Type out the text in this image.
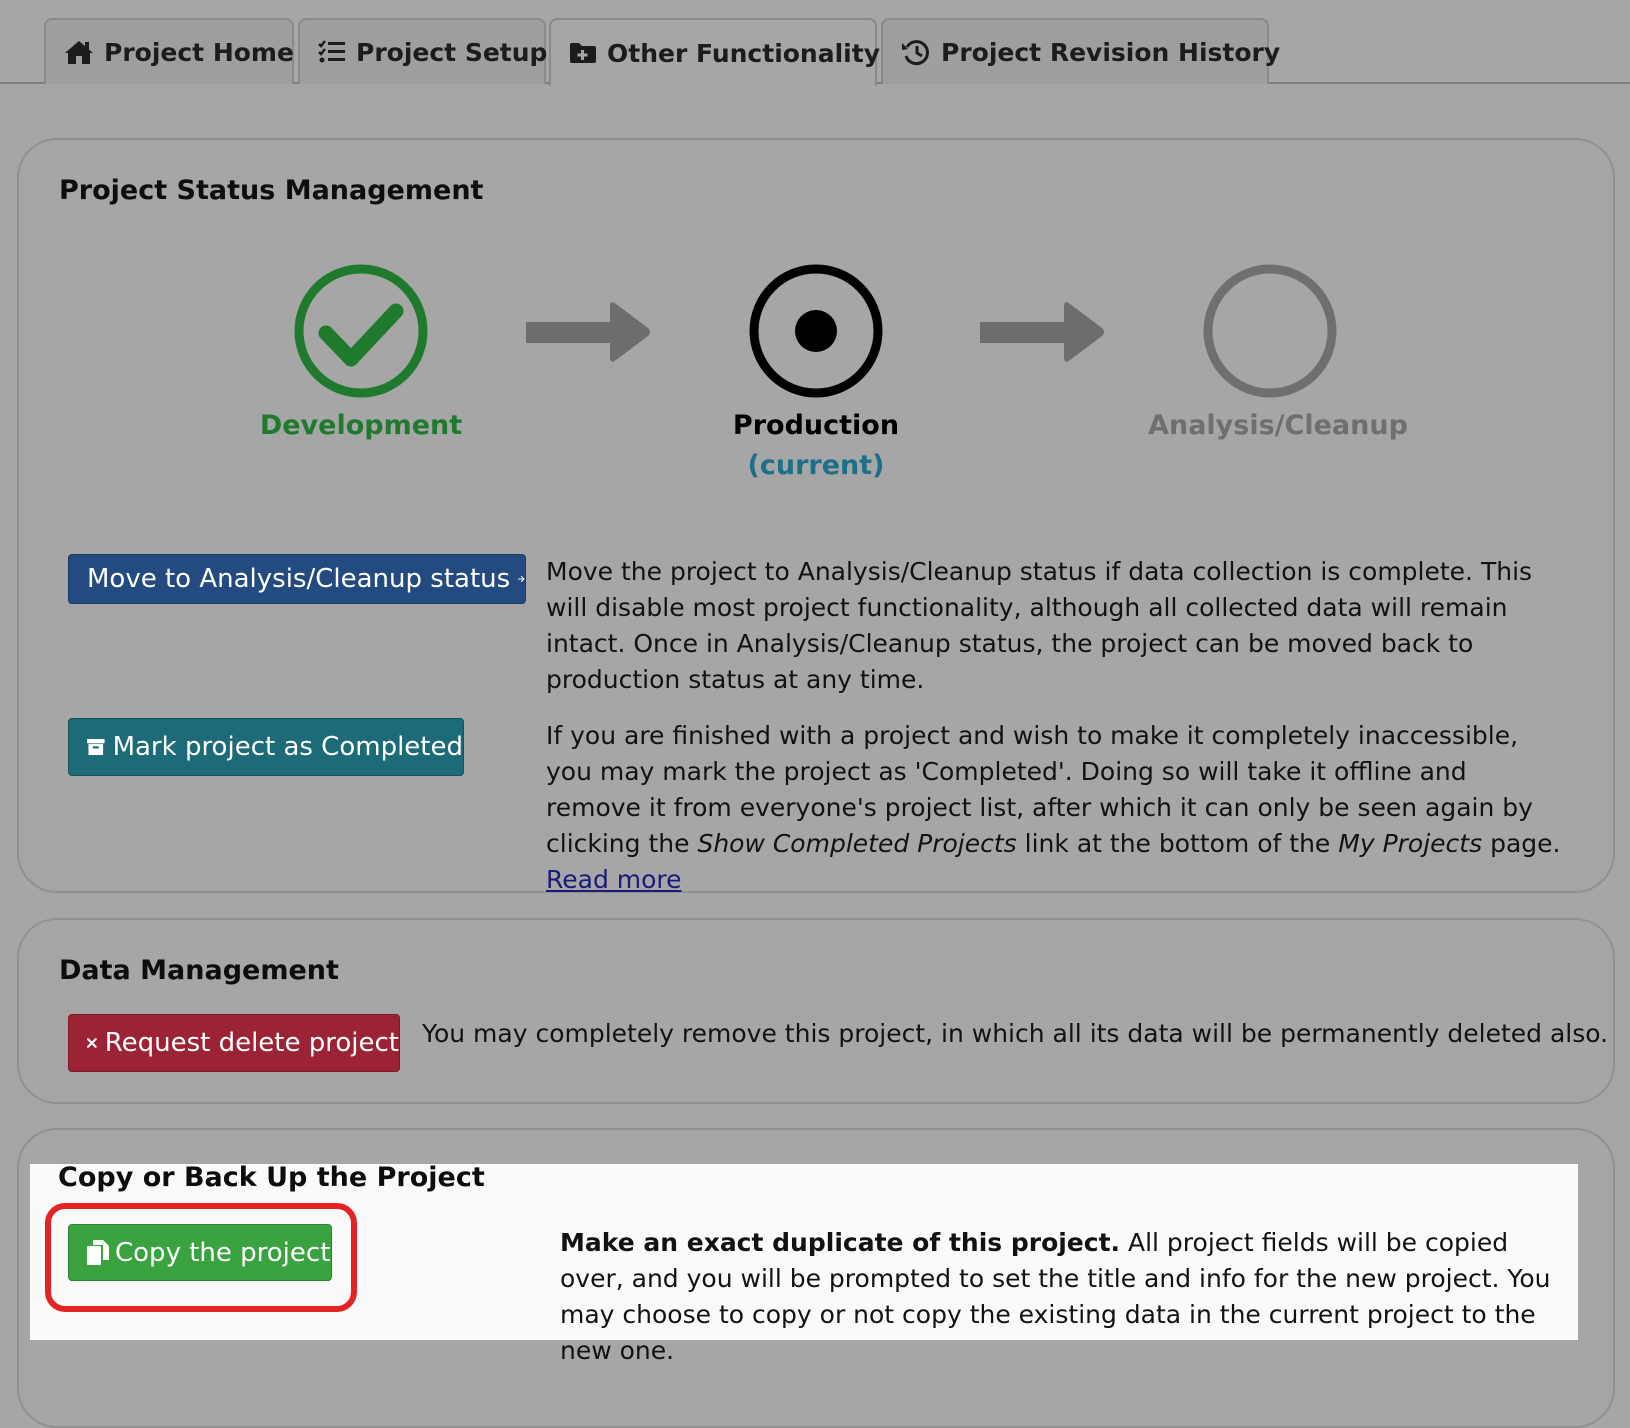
Project Home Project Setup Other Functionality Project Revision History
Project Status Management
Development	Production
(current)
Analysis/Cleanup
Move to Analysis/Cleanup status Move the project to Analysis/Cleanup status if data collection is complete. This will disable most project functionality, although all collected data will remain intact. Once in Analysis/Cleanup status, the project can be moved back to production status at any time.
Mark project as Completed	If you are finished with a project and wish to make it completely inaccessible, you may mark the project as 'Completed'. Doing so will take it offline and remove it from everyone's project list, after which it can only be seen again by clicking the Show Completed Projects link at the bottom of the My Projects page. Read more
Data Management
Request delete project You may completely remove this project, in which all its data will be permanently deleted also.
Copy or Back Up the Project
Copy the project	Make an exact duplicate of this project. All project fields will be copied over, and you will be prompted to set the title and info for the new project. You may choose to copy or not copy the existing data in the current project to the new one.
